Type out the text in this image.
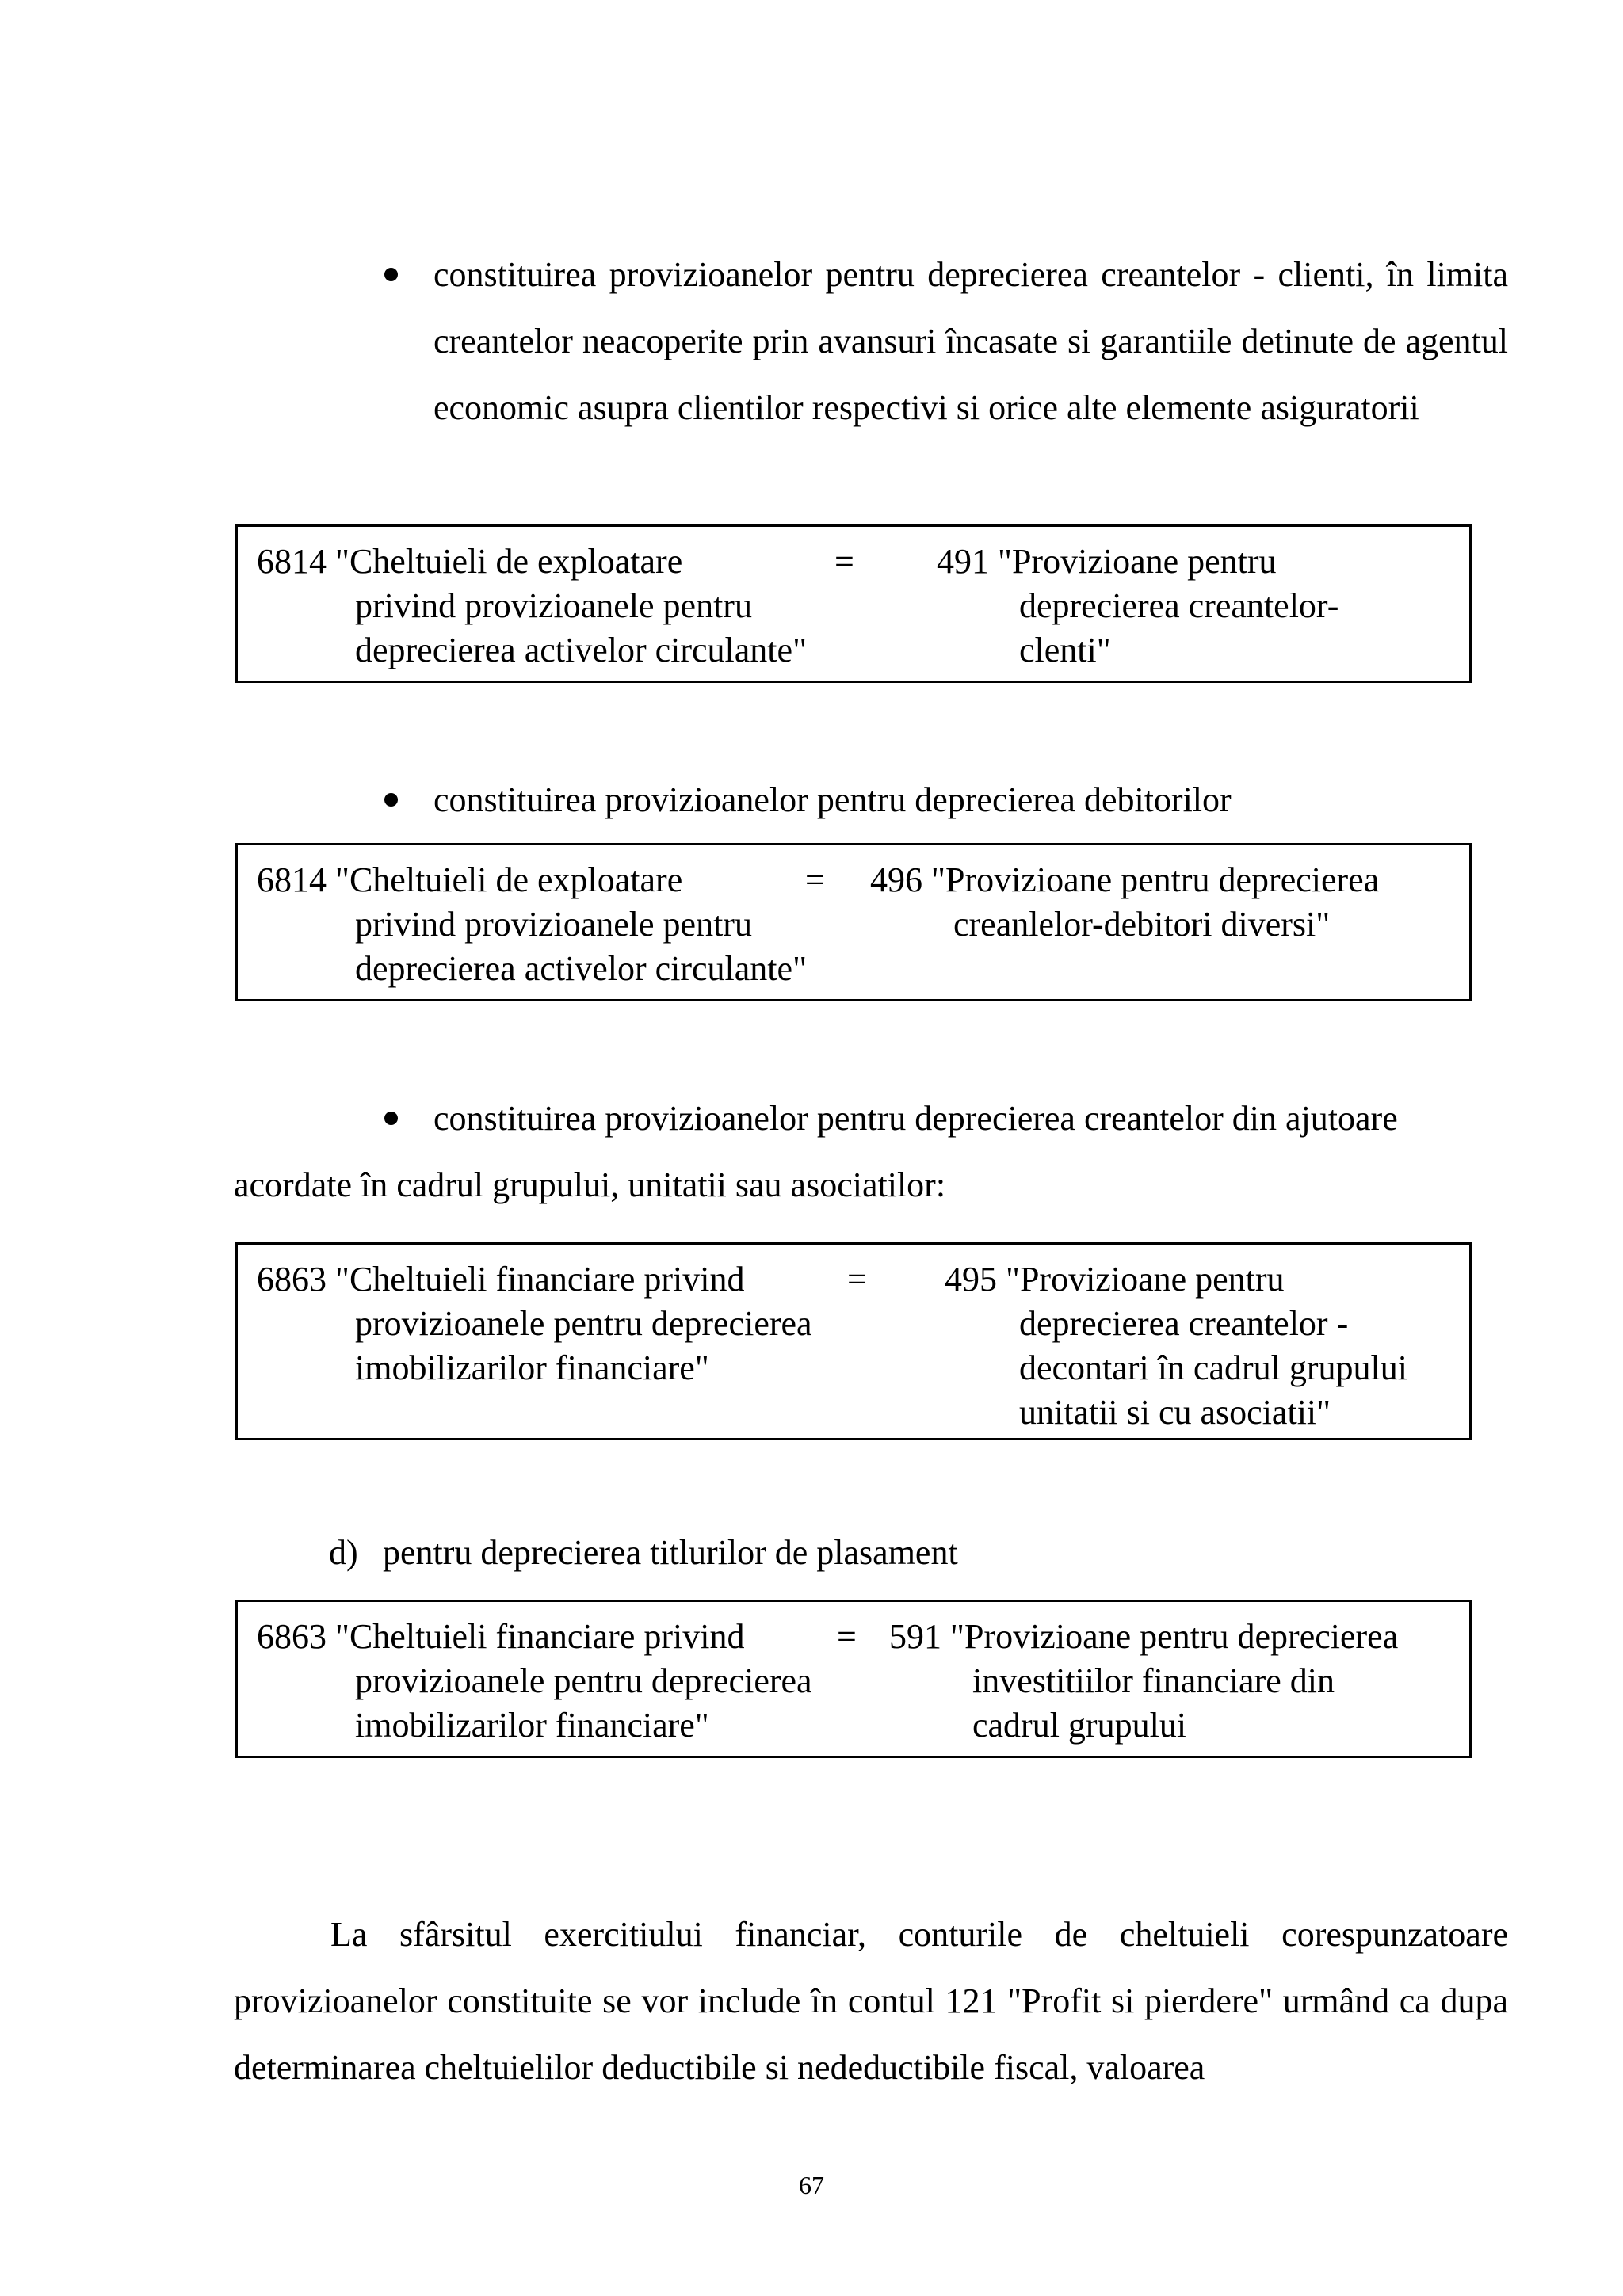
constituirea provizioanelor pentru deprecierea creantelor - clienti, în limita creantelor neacoperite prin avansuri încasate si garantiile detinute de agentul economic asupra clientilor respectivi si orice alte elemente asiguratorii
6814 "Cheltuieli de exploatare
privind provizioanele pentru
deprecierea activelor circulante"
= 491 "Provizioane pentru
deprecierea creantelor-
clenti"
constituirea provizioanelor pentru deprecierea debitorilor
6814 "Cheltuieli de exploatare
privind provizioanele pentru
deprecierea activelor circulante"
= 496 "Provizioane pentru deprecierea
creanlelor-debitori diversi"
constituirea provizioanelor pentru deprecierea creantelor din ajutoare
acordate în cadrul grupului, unitatii sau asociatilor:
6863 "Cheltuieli financiare privind
provizioanele pentru deprecierea
imobilizarilor financiare"
= 495 "Provizioane pentru
deprecierea creantelor -
decontari în cadrul grupului
unitatii si cu asociatii"
d) pentru deprecierea titlurilor de plasament
6863 "Cheltuieli financiare privind
provizioanele pentru deprecierea
imobilizarilor financiare"
= 591 "Provizioane pentru deprecierea
investitiilor financiare din
cadrul grupului
La sfârsitul exercitiului financiar, conturile de cheltuieli corespunzatoare provizioanelor constituite se vor include în contul 121 "Profit si pierdere" urmând ca dupa determinarea cheltuielilor deductibile si nedeductibile fiscal, valoarea
67
